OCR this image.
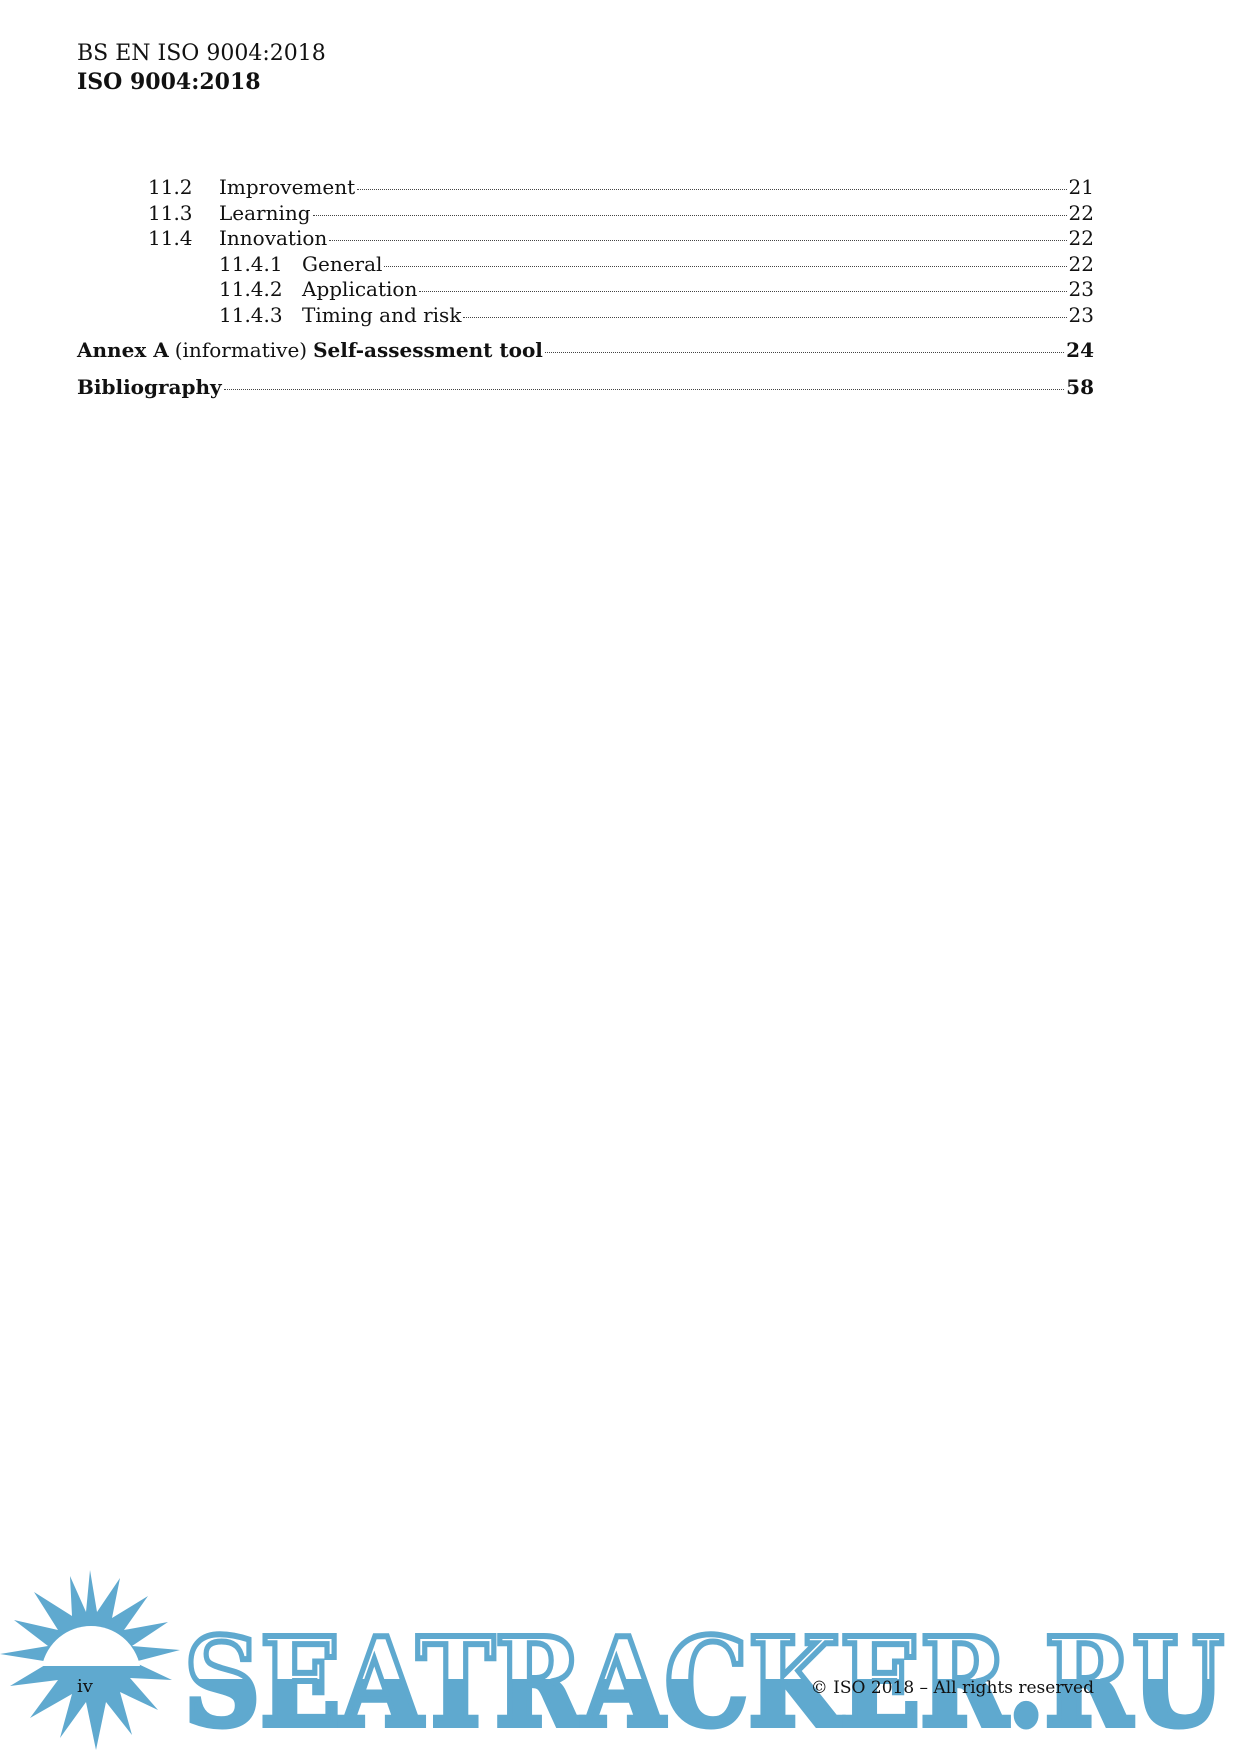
BS EN ISO 9004:2018
ISO 9004:2018
11.2	Improvement	21
11.3	Learning	22
11.4	Innovation	22
11.4.1 General	22
11.4.2 Application	23
11.4.3 Timing and risk	23
Annex A (informative) Self-assessment tool	24
Bibliography	58
SEATRACKER.RU
iv	© ISO 2018 – All rights reserved
